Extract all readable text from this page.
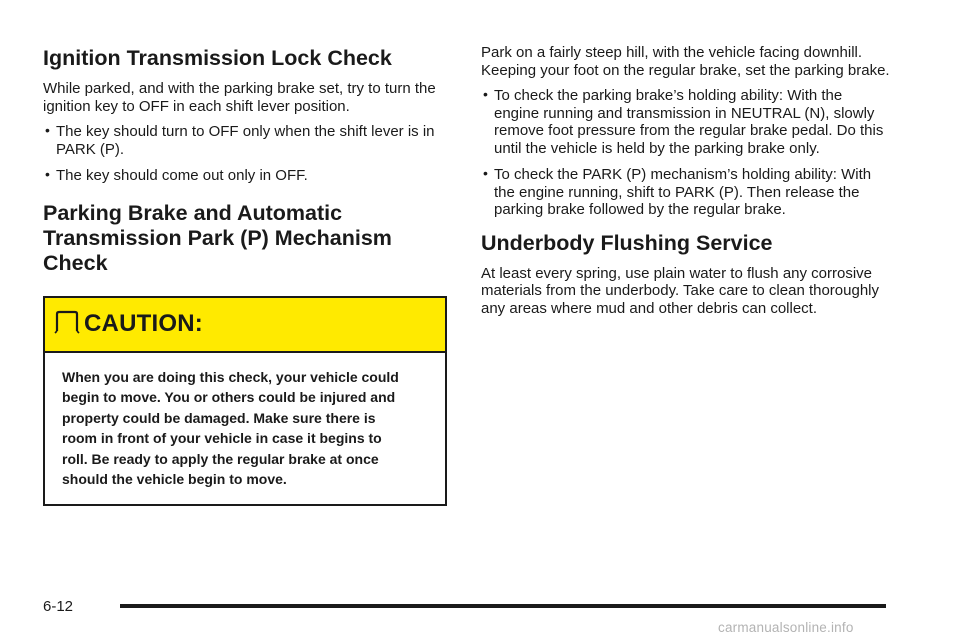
Ignition Transmission Lock Check

While parked, and with the parking brake set, try to turn the ignition key to OFF in each shift lever position.

• The key should turn to OFF only when the shift lever is in PARK (P).
• The key should come out only in OFF.
Parking Brake and Automatic Transmission Park (P) Mechanism Check
CAUTION:
When you are doing this check, your vehicle could begin to move. You or others could be injured and property could be damaged. Make sure there is room in front of your vehicle in case it begins to roll. Be ready to apply the regular brake at once should the vehicle begin to move.

Park on a fairly steep hill, with the vehicle facing downhill. Keeping your foot on the regular brake, set the parking brake.

• To check the parking brake’s holding ability: With the engine running and transmission in NEUTRAL (N), slowly remove foot pressure from the regular brake pedal. Do this until the vehicle is held by the parking brake only.
• To check the PARK (P) mechanism’s holding ability: With the engine running, shift to PARK (P). Then release the parking brake followed by the regular brake.
Underbody Flushing Service

At least every spring, use plain water to flush any corrosive materials from the underbody. Take care to clean thoroughly any areas where mud and other debris can collect.

6-12
carmanualsonline.info
